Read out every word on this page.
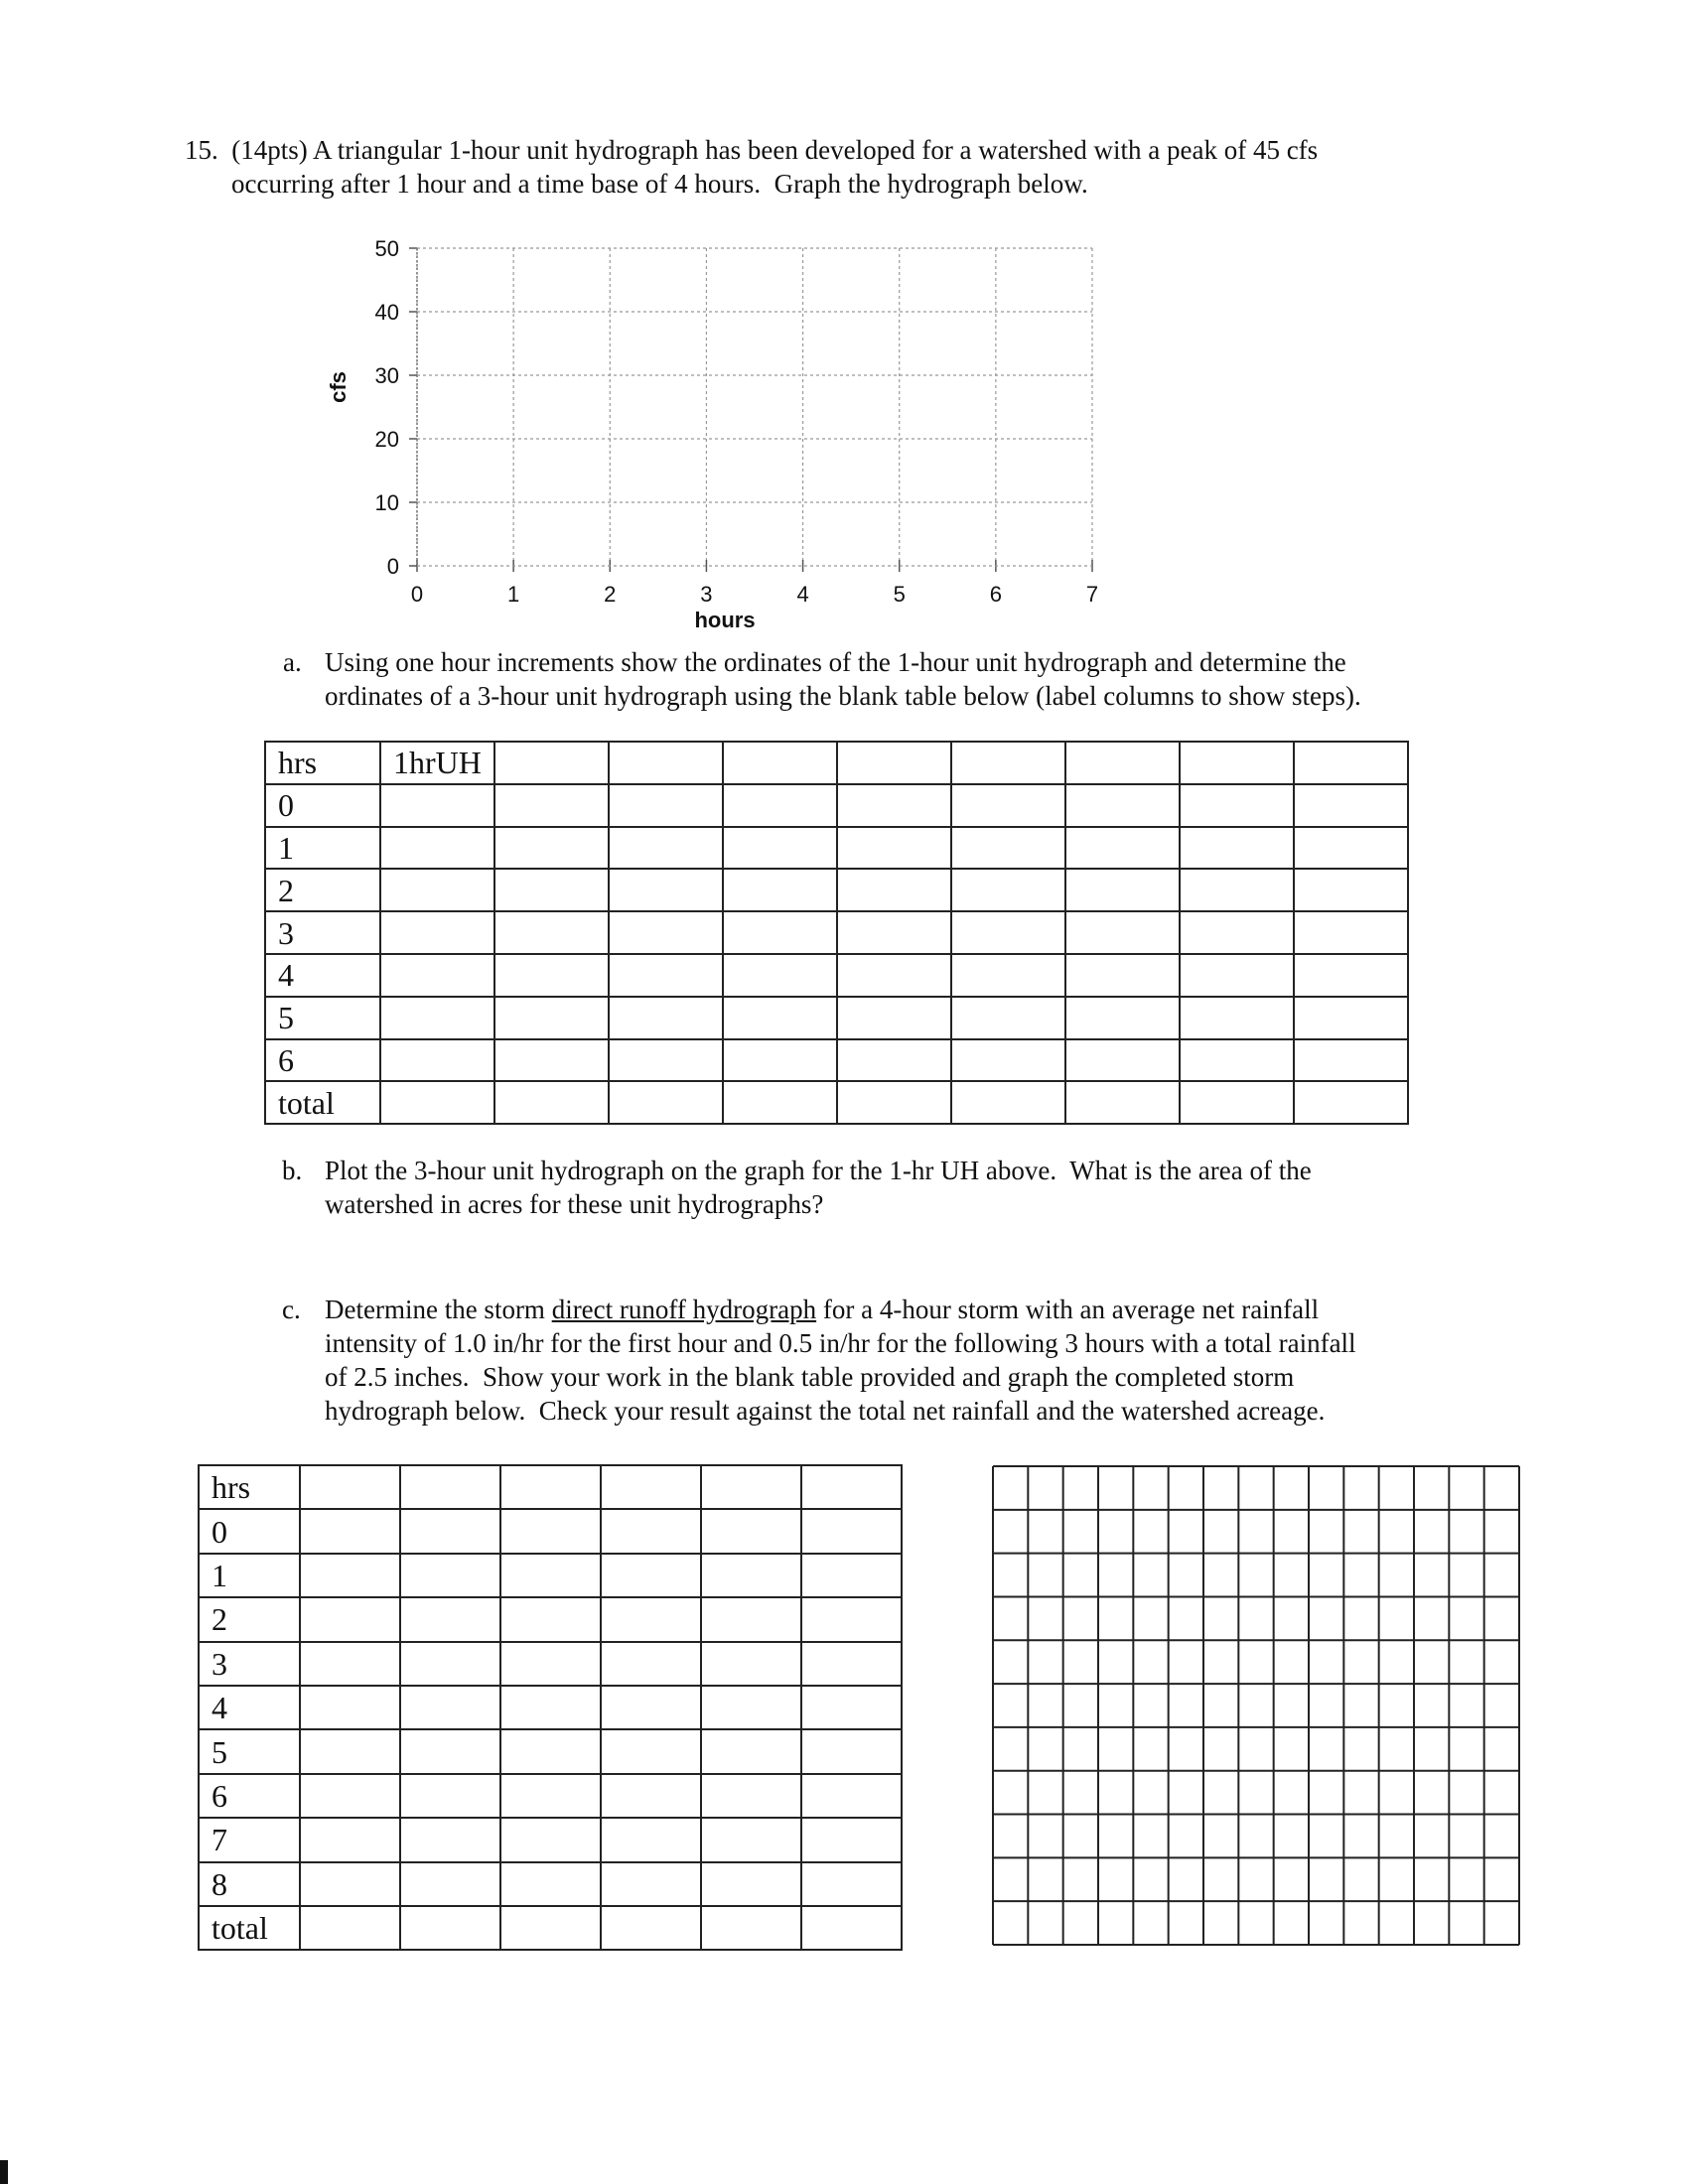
15.  (14pts) A triangular 1-hour unit hydrograph has been developed for a watershed with a peak of 45 cfs
occurring after 1 hour and a time base of 4 hours.  Graph the hydrograph below.
0	1	2	3	4	5	6	7
0
10
20
30
40
50
hours
cfs
a. Using one hour increments show the ordinates of the 1-hour unit hydrograph and determine the
ordinates of a 3-hour unit hydrograph using the blank table below (label columns to show steps).
hrs	1hrUH								
0									
1									
2									
3									
4									
5									
6									
total									
b. Plot the 3-hour unit hydrograph on the graph for the 1-hr UH above.  What is the area of the
watershed in acres for these unit hydrographs?
c. Determine the storm direct runoff hydrograph for a 4-hour storm with an average net rainfall
intensity of 1.0 in/hr for the first hour and 0.5 in/hr for the following 3 hours with a total rainfall
of 2.5 inches.  Show your work in the blank table provided and graph the completed storm
hydrograph below.  Check your result against the total net rainfall and the watershed acreage.
hrs						
0						
1						
2						
3						
4						
5						
6						
7						
8						
total						
